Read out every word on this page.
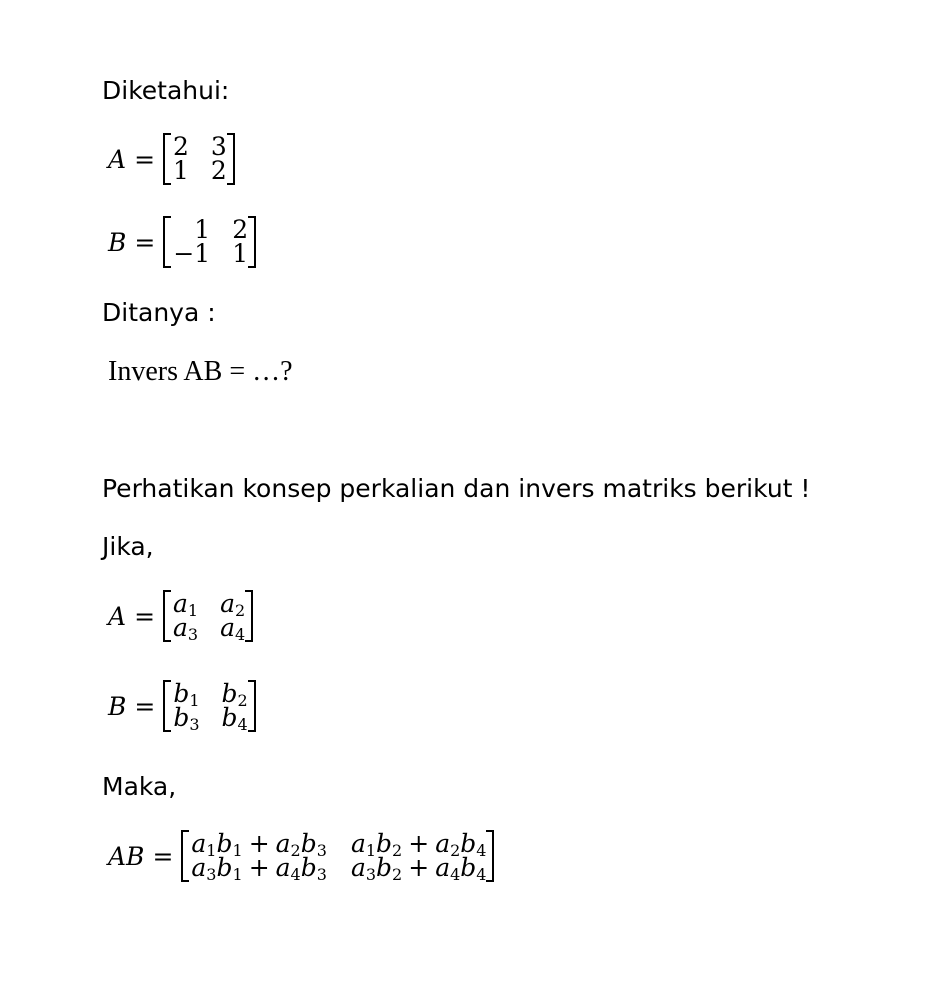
Diketahui:
A = 2 3
1 2
B =	1 2
−1 1
Ditanya :
Invers AB = …?
Perhatikan konsep perkalian dan invers matriks berikut !
Jika,
$A = a_1$ $a_2$
$a_3$ $a_4$
$B = b_1$ $b_2$
$b_3$ $b_4$
Maka,
AB = $a_1b_1 + a_2b_3$ $a_1b_2 + a_2b_4$
$a_3b_1 + a_4b_3$ $a_3b_2 + a_4b_4$
